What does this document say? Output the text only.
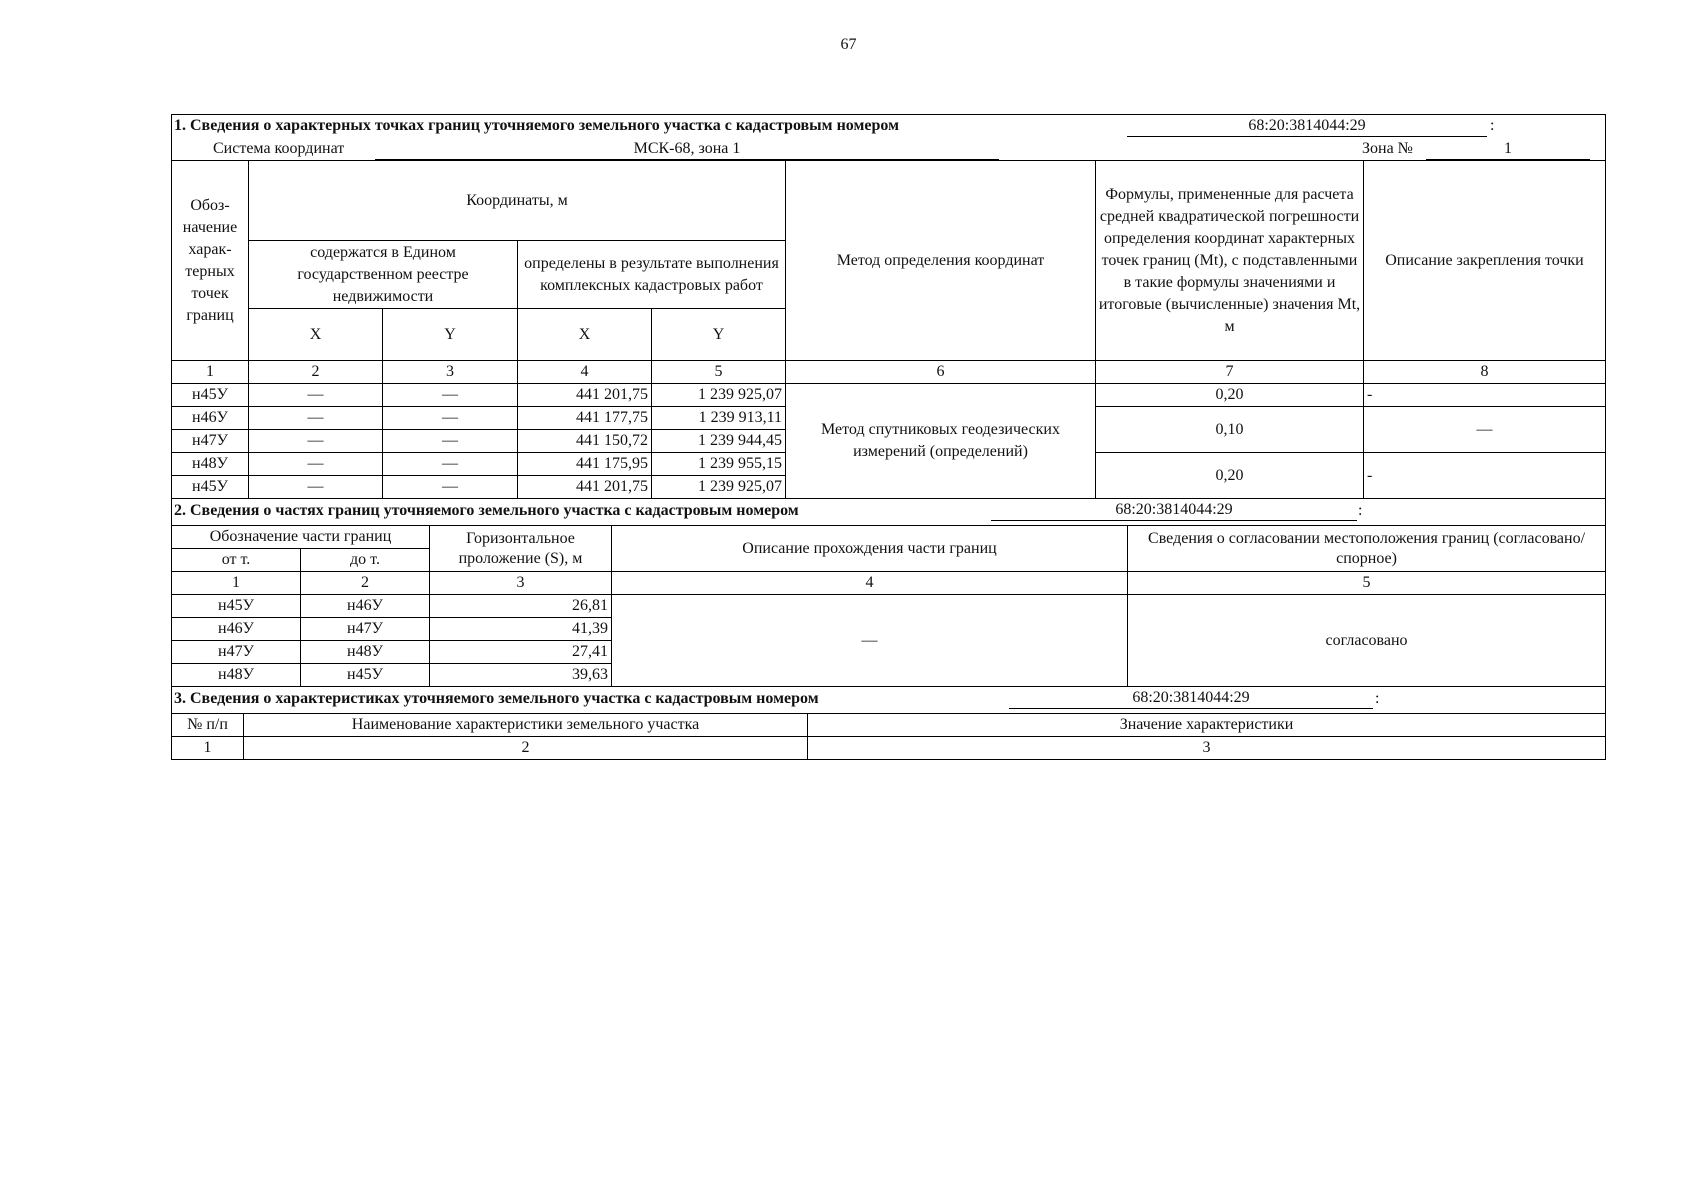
67
1. Сведения о характерных точках границ уточняемого земельного участка с кадастровым номером 68:20:3814044:29 :							

Система координат МСК-68, зона 1 Зона № 1							

Обоз-начение харак-терных точек границ	Координаты, м				Метод определения координат	Формулы, примененные для расчета средней квадратической погрешности определения координат характерных точек границ (Mt), с подставленными в такие формулы значениями и итоговые (вычисленные) значения Mt, м	Описание закрепления точки
	содержатся в Едином государственном реестре недвижимости		определены в результате выполнения комплексных кадастровых работ				
	X	Y	X	Y			
1	2	3	4	5	6	7	8
н45У	—	—	441 201,75	1 239 925,07	Метод спутниковых геодезических измерений (определений)	0,20	-
н46У	—	—	441 177,75	1 239 913,11		0,10	—
н47У	—	—	441 150,72	1 239 944,45			
н48У	—	—	441 175,95	1 239 955,15		0,20	-
н45У	—	—	441 201,75	1 239 925,07			
2. Сведения о частях границ уточняемого земельного участка с кадастровым номером 68:20:3814044:29 :				

Обозначение части границ		Горизонтальное проложение (S), м	Описание прохождения части границ	Сведения о согласовании местоположения границ (согласовано/спорное)
от т.	до т.			
1	2	3	4	5
н45У	н46У	26,81	—	согласовано
н46У	н47У	41,39		
н47У	н48У	27,41		
н48У	н45У	39,63		
3. Сведения о характеристиках уточняемого земельного участка с кадастровым номером 68:20:3814044:29 :		

№ п/п	Наименование характеристики земельного участка	Значение характеристики
1	2	3
